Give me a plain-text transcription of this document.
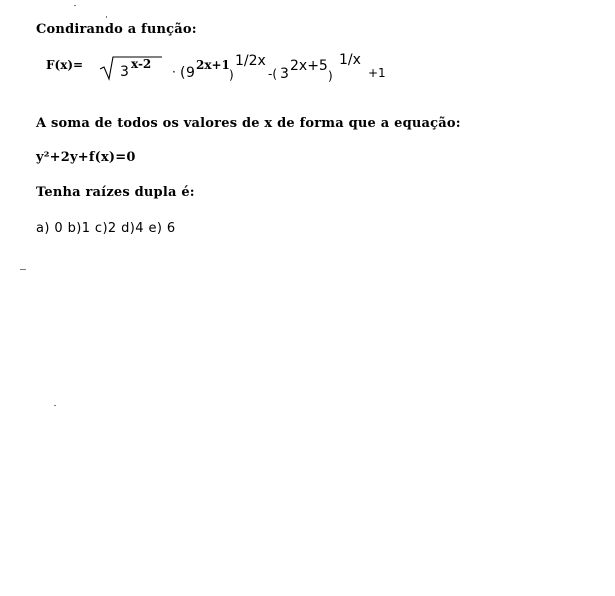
Condirando a função:
F(x)=	3 x-2
· ( 9 2x+1
)
1/2x
-( 3 2x+5
)
1/x
+1
A soma de todos os valores de x de forma que a equação:
y²+2y+f(x)=0
Tenha raízes dupla é:
a) 0 b)1 c)2 d)4 e) 6
